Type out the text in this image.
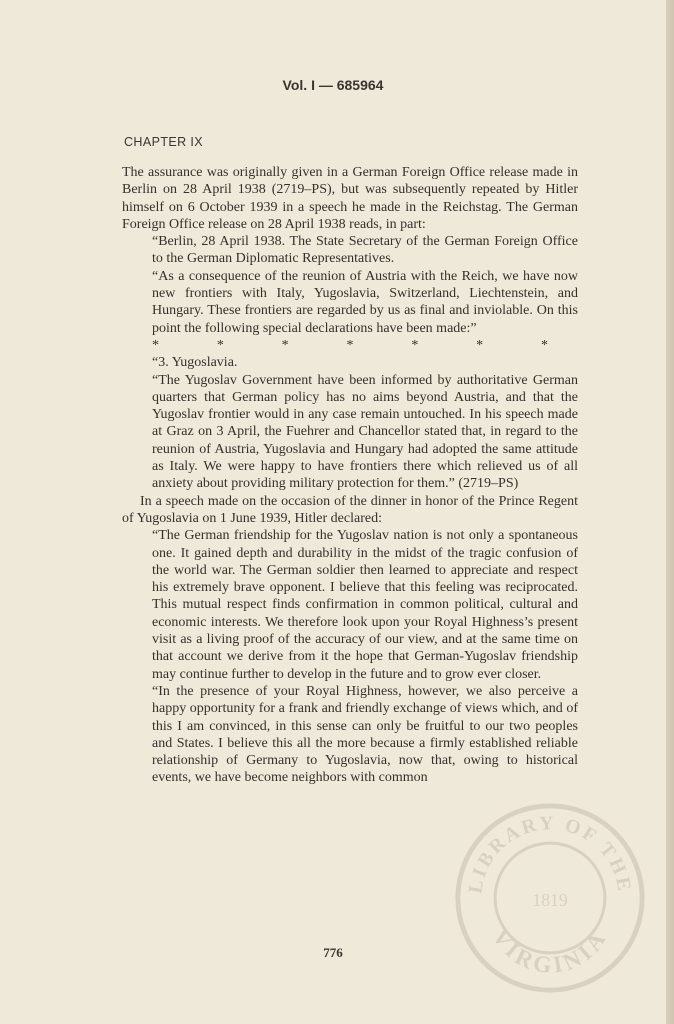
Vol. I — 685964
CHAPTER IX

The assurance was originally given in a German Foreign Office release made in Berlin on 28 April 1938 (2719–PS), but was subsequently repeated by Hitler himself on 6 October 1939 in a speech he made in the Reichstag. The German Foreign Office release on 28 April 1938 reads, in part:

“Berlin, 28 April 1938. The State Secretary of the German Foreign Office to the German Diplomatic Representatives.

“As a consequence of the reunion of Austria with the Reich, we have now new frontiers with Italy, Yugoslavia, Switzerland, Liechtenstein, and Hungary. These frontiers are regarded by us as final and inviolable. On this point the following special declarations have been made:”

*	*	*	*	*	*	*

“3. Yugoslavia.

“The Yugoslav Government have been informed by authoritative German quarters that German policy has no aims beyond Austria, and that the Yugoslav frontier would in any case remain untouched. In his speech made at Graz on 3 April, the Fuehrer and Chancellor stated that, in regard to the reunion of Austria, Yugoslavia and Hungary had adopted the same attitude as Italy. We were happy to have frontiers there which relieved us of all anxiety about providing military protection for them.” (2719–PS)

In a speech made on the occasion of the dinner in honor of the Prince Regent of Yugoslavia on 1 June 1939, Hitler declared:

“The German friendship for the Yugoslav nation is not only a spontaneous one. It gained depth and durability in the midst of the tragic confusion of the world war. The German soldier then learned to appreciate and respect his extremely brave opponent. I believe that this feeling was reciprocated. This mutual respect finds confirmation in common political, cultural and economic interests. We therefore look upon your Royal Highness’s present visit as a living proof of the accuracy of our view, and at the same time on that account we derive from it the hope that German-Yugoslav friendship may continue further to develop in the future and to grow ever closer.

“In the presence of your Royal Highness, however, we also perceive a happy opportunity for a frank and friendly exchange of views which, and of this I am convinced, in this sense can only be fruitful to our two peoples and States. I believe this all the more because a firmly established reliable relationship of Germany to Yugoslavia, now that, owing to historical events, we have become neighbors with common

776
LIBRARY OF THE
VIRGINIA
1819
